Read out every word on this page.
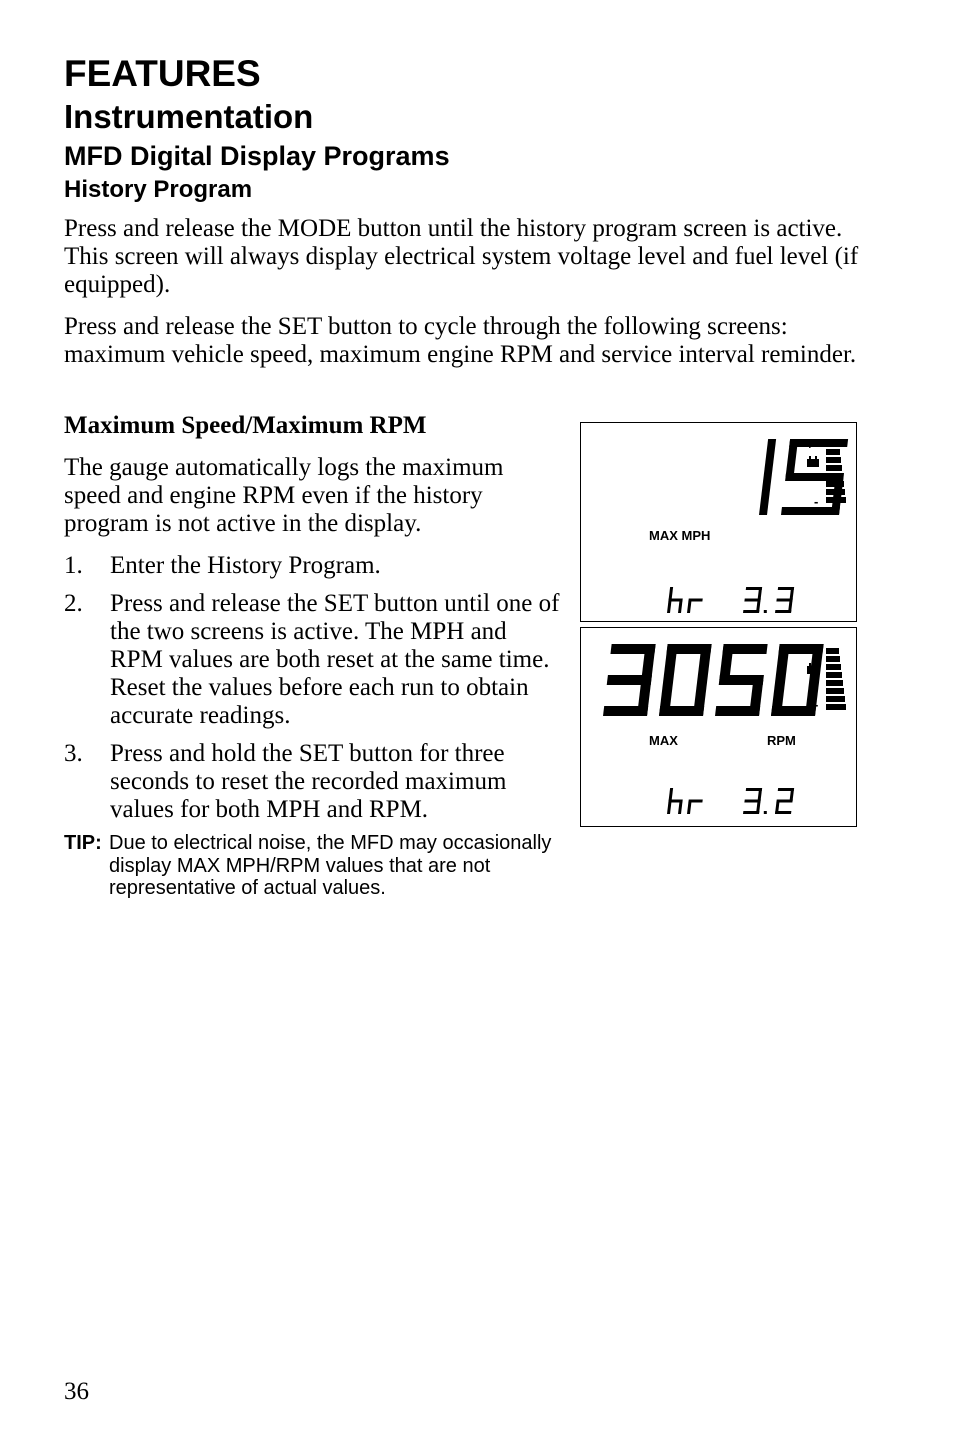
FEATURES
Instrumentation
MFD Digital Display Programs
History Program

Press and release the MODE button until the history program screen is active. This screen will always display electrical system voltage level and fuel level (if equipped).

Press and release the SET button to cycle through the following screens: maximum vehicle speed, maximum engine RPM and service interval reminder.

Maximum Speed/Maximum RPM

The gauge automatically logs the maximum speed and engine RPM even if the history program is not active in the display.

1. Enter the History Program.
2. Press and release the SET button until one of the two screens is active. The MPH and RPM values are both reset at the same time. Reset the values before each run to obtain accurate readings.
3. Press and hold the SET button for three seconds to reset the recorded maximum values for both MPH and RPM.
TIP: Due to electrical noise, the MFD may occasionally display MAX MPH/RPM values that are not representative of actual values.
+
-
MAX MPH
+
-
MAX	RPM
36
